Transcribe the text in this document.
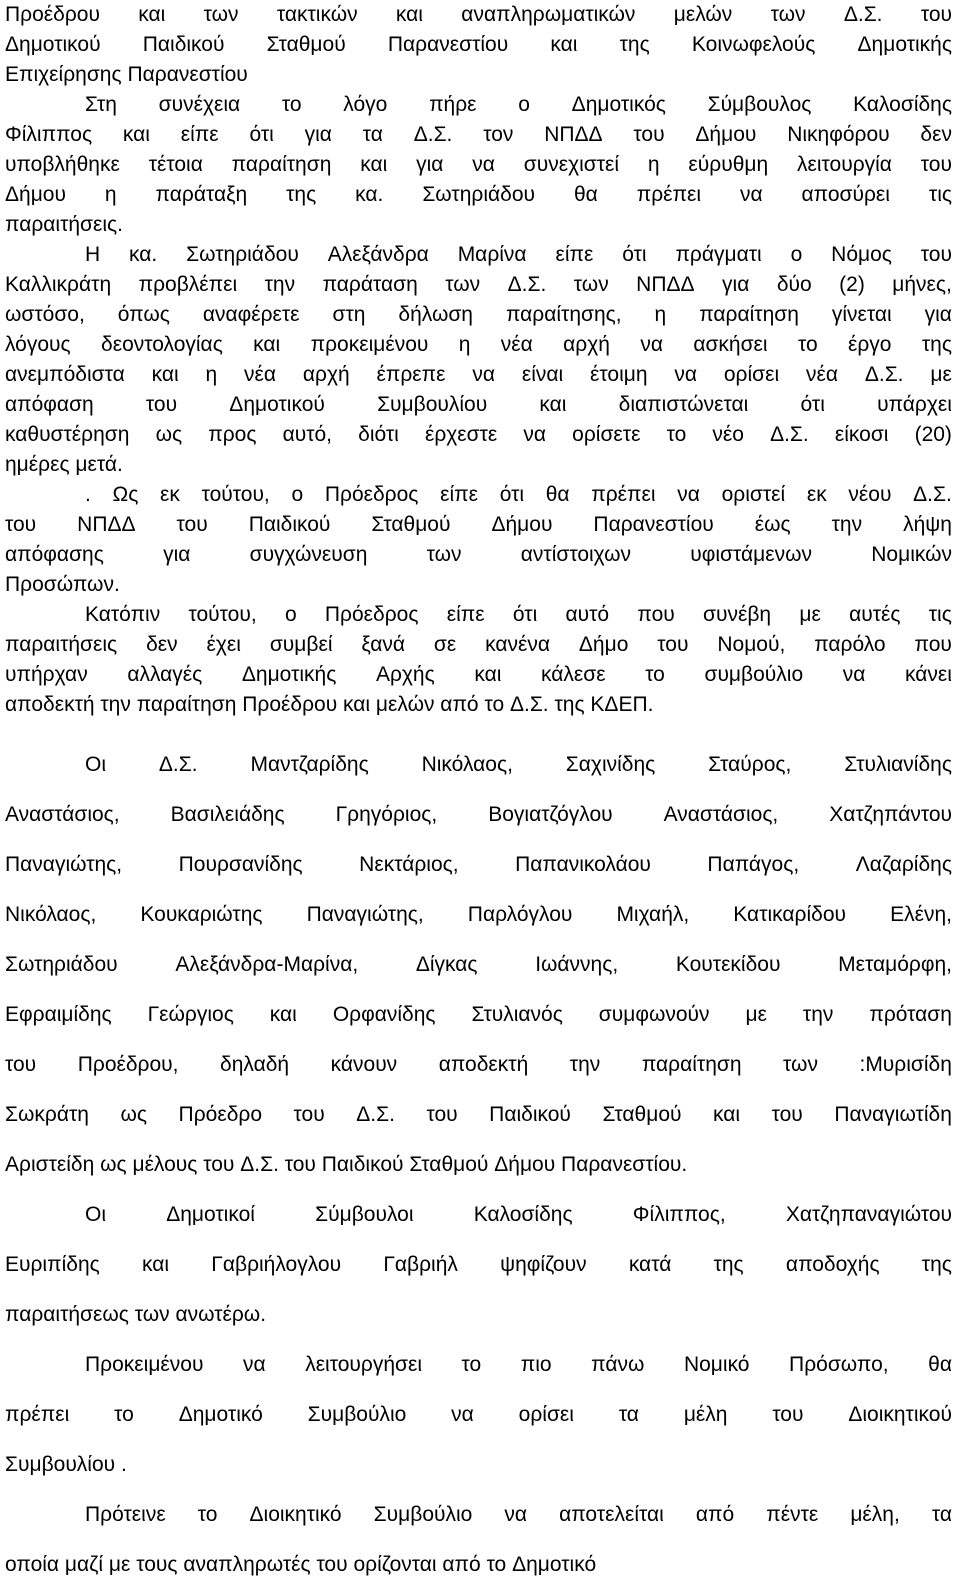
Προέδρου και των τακτικών και αναπληρωματικών μελών των Δ.Σ. του
Δημοτικού Παιδικού Σταθμού Παρανεστίου και της Κοινωφελούς Δημοτικής
Επιχείρησης Παρανεστίου
Στη συνέχεια το λόγο πήρε ο Δημοτικός Σύμβουλος Καλοσίδης
Φίλιππος και είπε ότι για τα Δ.Σ. τον ΝΠΔΔ του Δήμου Νικηφόρου δεν
υποβλήθηκε τέτοια παραίτηση και για να συνεχιστεί η εύρυθμη λειτουργία του
Δήμου η παράταξη της κα. Σωτηριάδου θα πρέπει να αποσύρει τις
παραιτήσεις.
Η κα. Σωτηριάδου Αλεξάνδρα Μαρίνα είπε ότι πράγματι ο Νόμος του
Καλλικράτη προβλέπει την παράταση των Δ.Σ. των ΝΠΔΔ για δύο (2) μήνες,
ωστόσο, όπως αναφέρετε στη δήλωση παραίτησης, η παραίτηση γίνεται για
λόγους δεοντολογίας και προκειμένου η νέα αρχή να ασκήσει το έργο της
ανεμπόδιστα και η νέα αρχή έπρεπε να είναι έτοιμη να ορίσει νέα Δ.Σ. με
απόφαση του Δημοτικού Συμβουλίου και διαπιστώνεται ότι υπάρχει
καθυστέρηση ως προς αυτό, διότι έρχεστε να ορίσετε το νέο Δ.Σ. είκοσι (20)
ημέρες μετά.
. Ως εκ τούτου, ο Πρόεδρος είπε ότι θα πρέπει να οριστεί εκ νέου Δ.Σ.
του ΝΠΔΔ του Παιδικού Σταθμού Δήμου Παρανεστίου έως την λήψη
απόφασης	για	συγχώνευση	των	αντίστοιχων	υφιστάμενων	Νομικών
Προσώπων.
Κατόπιν τούτου, ο Πρόεδρος είπε ότι αυτό που συνέβη με αυτές τις
παραιτήσεις δεν έχει συμβεί ξανά σε κανένα Δήμο του Νομού, παρόλο που
υπήρχαν αλλαγές Δημοτικής Αρχής και κάλεσε το συμβούλιο να κάνει
αποδεκτή την παραίτηση Προέδρου και μελών από το Δ.Σ. της ΚΔΕΠ.
Οι	Δ.Σ.	Μαντζαρίδης	Νικόλαος,	Σαχινίδης	Σταύρος,	Στυλιανίδης
Αναστάσιος, Βασιλειάδης Γρηγόριος, Βογιατζόγλου Αναστάσιος, Χατζηπάντου
Παναγιώτης,	Πουρσανίδης	Νεκτάριος,	Παπανικολάου	Παπάγος,	Λαζαρίδης
Νικόλαος, Κουκαριώτης Παναγιώτης, Παρλόγλου Μιχαήλ, Κατικαρίδου Ελένη,
Σωτηριάδου	Αλεξάνδρα-Μαρίνα,	Δίγκας	Ιωάννης,	Κουτεκίδου	Μεταμόρφη,
Εφραιμίδης Γεώργιος και Ορφανίδης Στυλιανός συμφωνούν με την πρόταση
του Προέδρου, δηλαδή κάνουν αποδεκτή την παραίτηση των :Μυρισίδη
Σωκράτη ως Πρόεδρο του Δ.Σ. του Παιδικού Σταθμού και του Παναγιωτίδη
Αριστείδη ως μέλους του Δ.Σ. του Παιδικού Σταθμού Δήμου Παρανεστίου.
Οι	Δημοτικοί	Σύμβουλοι	Καλοσίδης	Φίλιππος,	Χατζηπαναγιώτου
Ευριπίδης και Γαβριήλογλου Γαβριήλ ψηφίζουν κατά της αποδοχής της
παραιτήσεως των ανωτέρω.
Προκειμένου να λειτουργήσει το πιο πάνω Νομικό Πρόσωπο, θα
πρέπει το Δημοτικό Συμβούλιο να ορίσει τα μέλη του Διοικητικού
Συμβουλίου .
Πρότεινε το Διοικητικό Συμβούλιο να αποτελείται από πέντε μέλη, τα
οποία μαζί με τους αναπληρωτές του ορίζονται από το Δημοτικό
